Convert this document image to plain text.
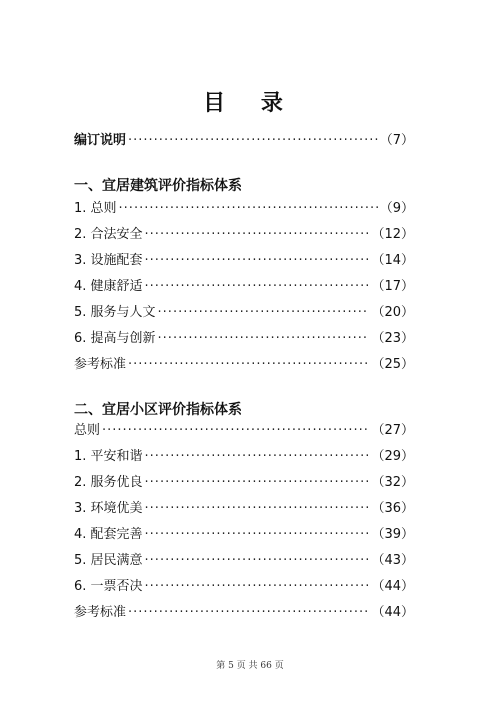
目 录
编订说明 ·····	（7）
一、宜居建筑评价指标体系
1. 总则 ·····	（9）
2. 合法安全 ·····	（12）
3. 设施配套 ·····	（14）
4. 健康舒适 ·····	（17）
5. 服务与人文 ·····	（20）
6. 提高与创新 ·····	（23）
参考标准 ·····	（25）
二、宜居小区评价指标体系
总则 ·····	（27）
1. 平安和谐 ·····	（29）
2. 服务优良 ·····	（32）
3. 环境优美 ·····	（36）
4. 配套完善 ·····	（39）
5. 居民满意 ·····	（43）
6. 一票否决 ·····	（44）
参考标准 ·····	（44）
第 5 页 共 66 页
